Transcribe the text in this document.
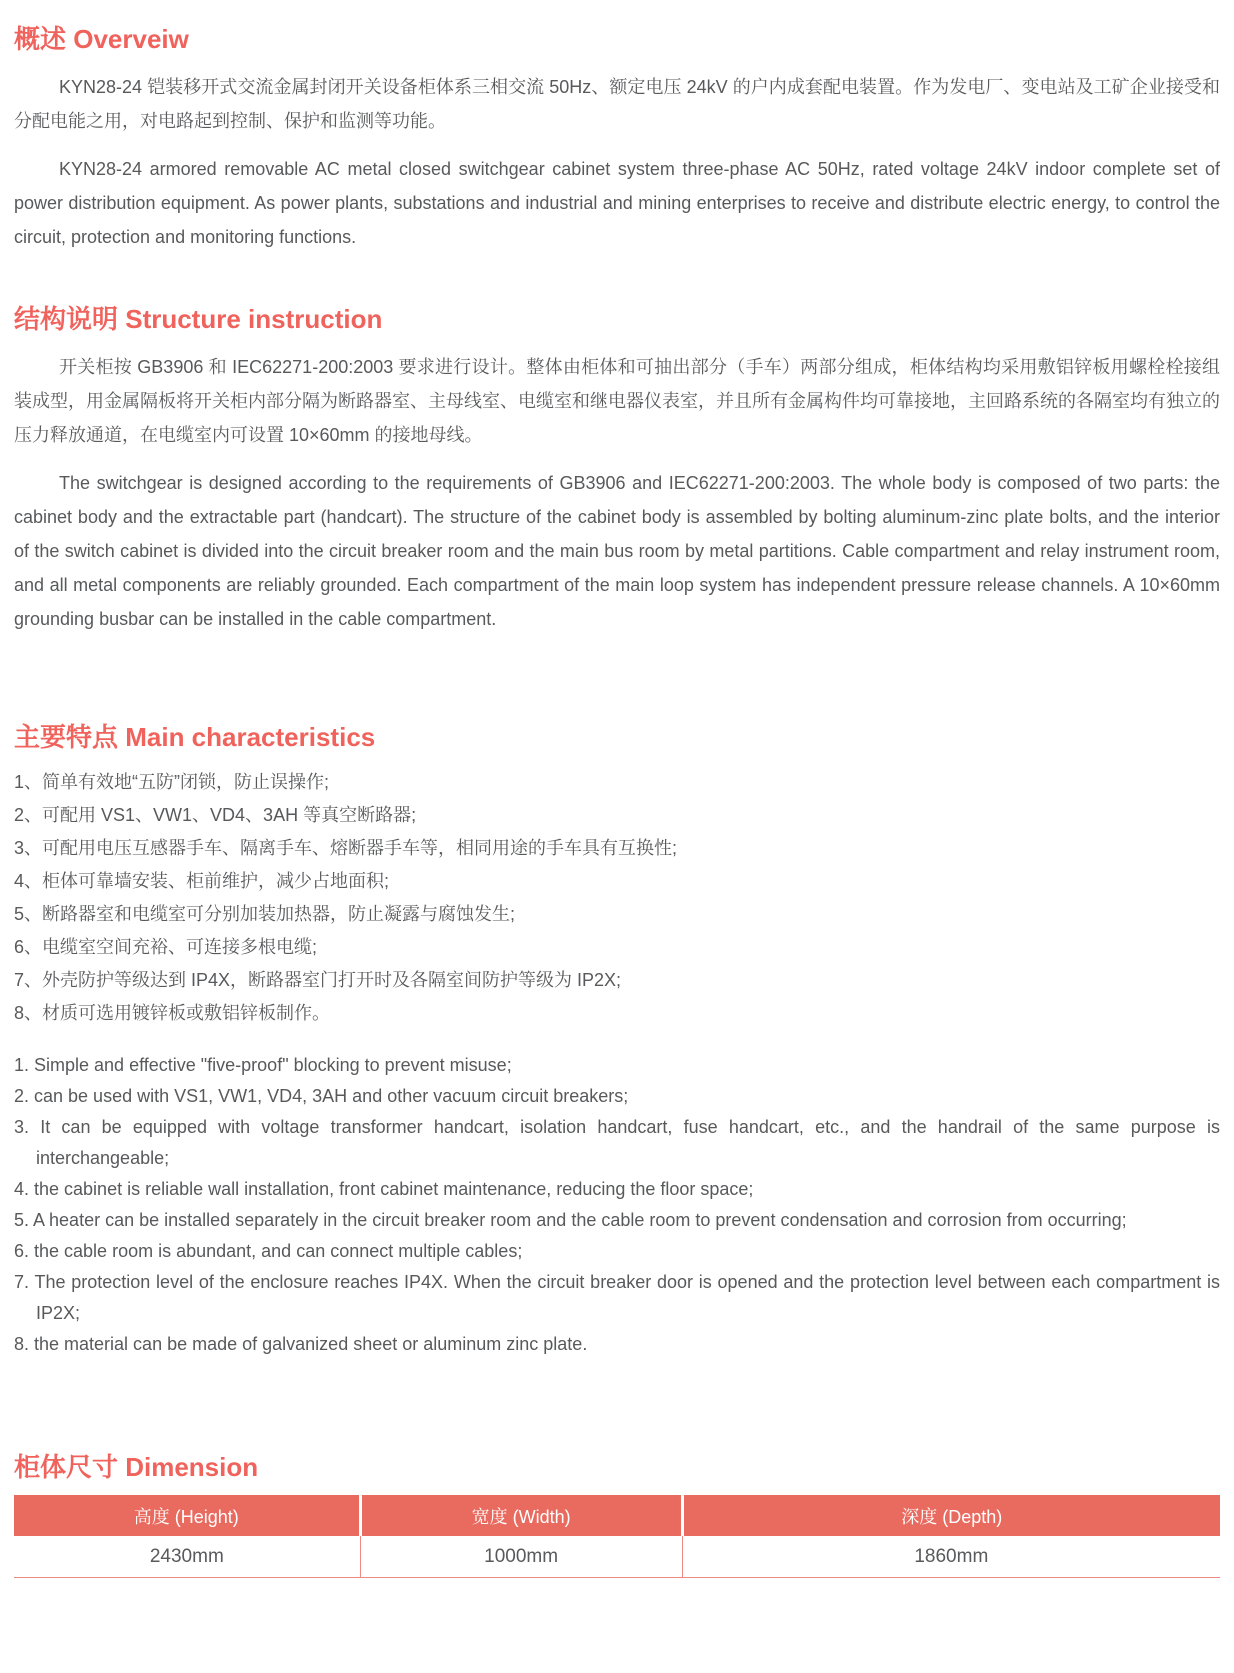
概述 Overveiw

KYN28-24 铠装移开式交流金属封闭开关设备柜体系三相交流 50Hz、额定电压 24kV 的户内成套配电装置。作为发电厂、变电站及工矿企业接受和分配电能之用，对电路起到控制、保护和监测等功能。

KYN28-24 armored removable AC metal closed switchgear cabinet system three-phase AC 50Hz, rated voltage 24kV indoor complete set of power distribution equipment. As power plants, substations and industrial and mining enterprises to receive and distribute electric energy, to control the circuit, protection and monitoring functions.

结构说明 Structure instruction

开关柜按 GB3906 和 IEC62271-200:2003 要求进行设计。整体由柜体和可抽出部分（手车）两部分组成，柜体结构均采用敷铝锌板用螺栓栓接组装成型，用金属隔板将开关柜内部分隔为断路器室、主母线室、电缆室和继电器仪表室，并且所有金属构件均可靠接地，主回路系统的各隔室均有独立的压力释放通道，在电缆室内可设置 10×60mm 的接地母线。

The switchgear is designed according to the requirements of GB3906 and IEC62271-200:2003. The whole body is composed of two parts: the cabinet body and the extractable part (handcart). The structure of the cabinet body is assembled by bolting aluminum-zinc plate bolts, and the interior of the switch cabinet is divided into the circuit breaker room and the main bus room by metal partitions. Cable compartment and relay instrument room, and all metal components are reliably grounded. Each compartment of the main loop system has independent pressure release channels. A 10×60mm grounding busbar can be installed in the cable compartment.

主要特点 Main characteristics
1、简单有效地“五防”闭锁，防止误操作;
2、可配用 VS1、VW1、VD4、3AH 等真空断路器;
3、可配用电压互感器手车、隔离手车、熔断器手车等，相同用途的手车具有互换性;
4、柜体可靠墙安装、柜前维护，减少占地面积;
5、断路器室和电缆室可分别加装加热器，防止凝露与腐蚀发生;
6、电缆室空间充裕、可连接多根电缆;
7、外壳防护等级达到 IP4X，断路器室门打开时及各隔室间防护等级为 IP2X;
8、材质可选用镀锌板或敷铝锌板制作。
1. Simple and effective "five-proof" blocking to prevent misuse;
2. can be used with VS1, VW1, VD4, 3AH and other vacuum circuit breakers;
3. It can be equipped with voltage transformer handcart, isolation handcart, fuse handcart, etc., and the handrail of the same purpose is interchangeable;
4. the cabinet is reliable wall installation, front cabinet maintenance, reducing the floor space;
5. A heater can be installed separately in the circuit breaker room and the cable room to prevent condensation and corrosion from occurring;
6. the cable room is abundant, and can connect multiple cables;
7. The protection level of the enclosure reaches IP4X. When the circuit breaker door is opened and the protection level between each compartment is IP2X;
8. the material can be made of galvanized sheet or aluminum zinc plate.
柜体尺寸 Dimension
高度 (Height)	宽度 (Width)	深度 (Depth)
2430mm	1000mm	1860mm
